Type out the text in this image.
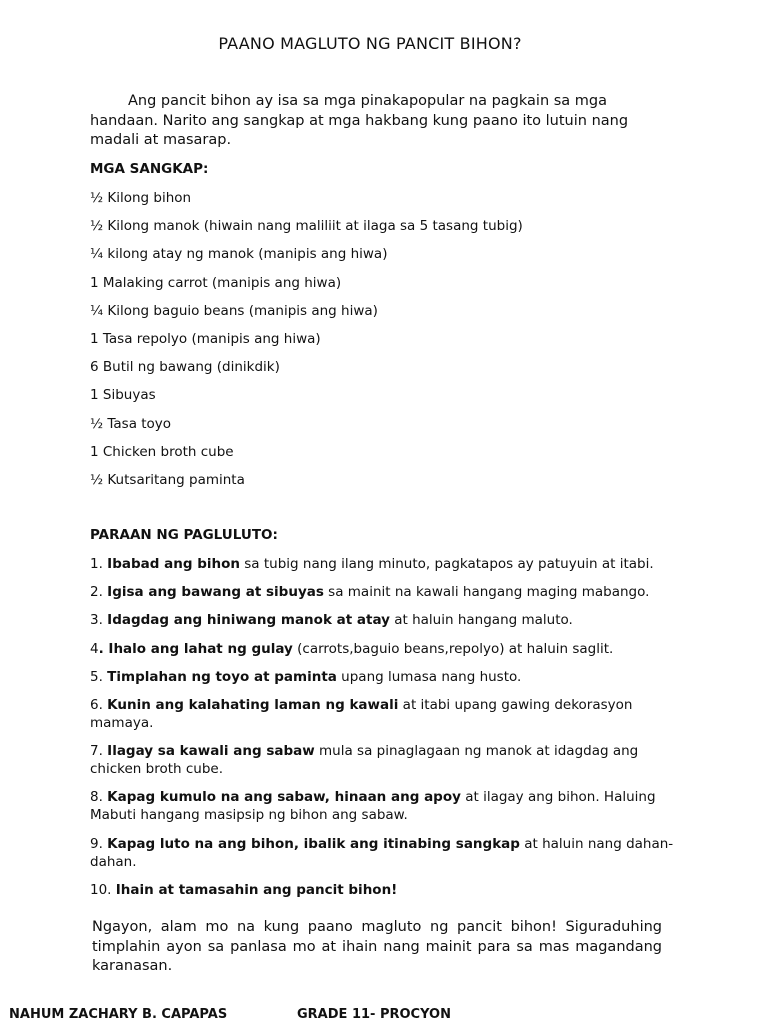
PAANO MAGLUTO NG PANCIT BIHON?

Ang pancit bihon ay isa sa mga pinakapopular na pagkain sa mga handaan. Narito ang sangkap at mga hakbang kung paano ito lutuin nang madali at masarap.

MGA SANGKAP:

½ Kilong bihon
½ Kilong manok (hiwain nang maliliit at ilaga sa 5 tasang tubig)
¼ kilong atay ng manok (manipis ang hiwa)
1 Malaking carrot (manipis ang hiwa)
¼ Kilong baguio beans (manipis ang hiwa)
1 Tasa repolyo (manipis ang hiwa)
6 Butil ng bawang (dinikdik)
1 Sibuyas
½ Tasa toyo
1 Chicken broth cube
½ Kutsaritang paminta

PARAAN NG PAGLULUTO:

1. Ibabad ang bihon sa tubig nang ilang minuto, pagkatapos ay patuyuin at itabi.
2. Igisa ang bawang at sibuyas sa mainit na kawali hangang maging mabango.
3. Idagdag ang hiniwang manok at atay at haluin hangang maluto.
4. Ihalo ang lahat ng gulay (carrots,baguio beans,repolyo) at haluin saglit.
5. Timplahan ng toyo at paminta upang lumasa nang husto.
6. Kunin ang kalahating laman ng kawali at itabi upang gawing dekorasyon mamaya.
7. Ilagay sa kawali ang sabaw mula sa pinaglagaan ng manok at idagdag ang chicken broth cube.
8. Kapag kumulo na ang sabaw, hinaan ang apoy at ilagay ang bihon. Haluing Mabuti hangang masipsip ng bihon ang sabaw.
9. Kapag luto na ang bihon, ibalik ang itinabing sangkap at haluin nang dahan-dahan.
10. Ihain at tamasahin ang pancit bihon!

Ngayon, alam mo na kung paano magluto ng pancit bihon! Siguraduhing timplahin ayon sa panlasa mo at ihain nang mainit para sa mas magandang karanasan.

NAHUM ZACHARY B. CAPAPAS	GRADE 11- PROCYON
